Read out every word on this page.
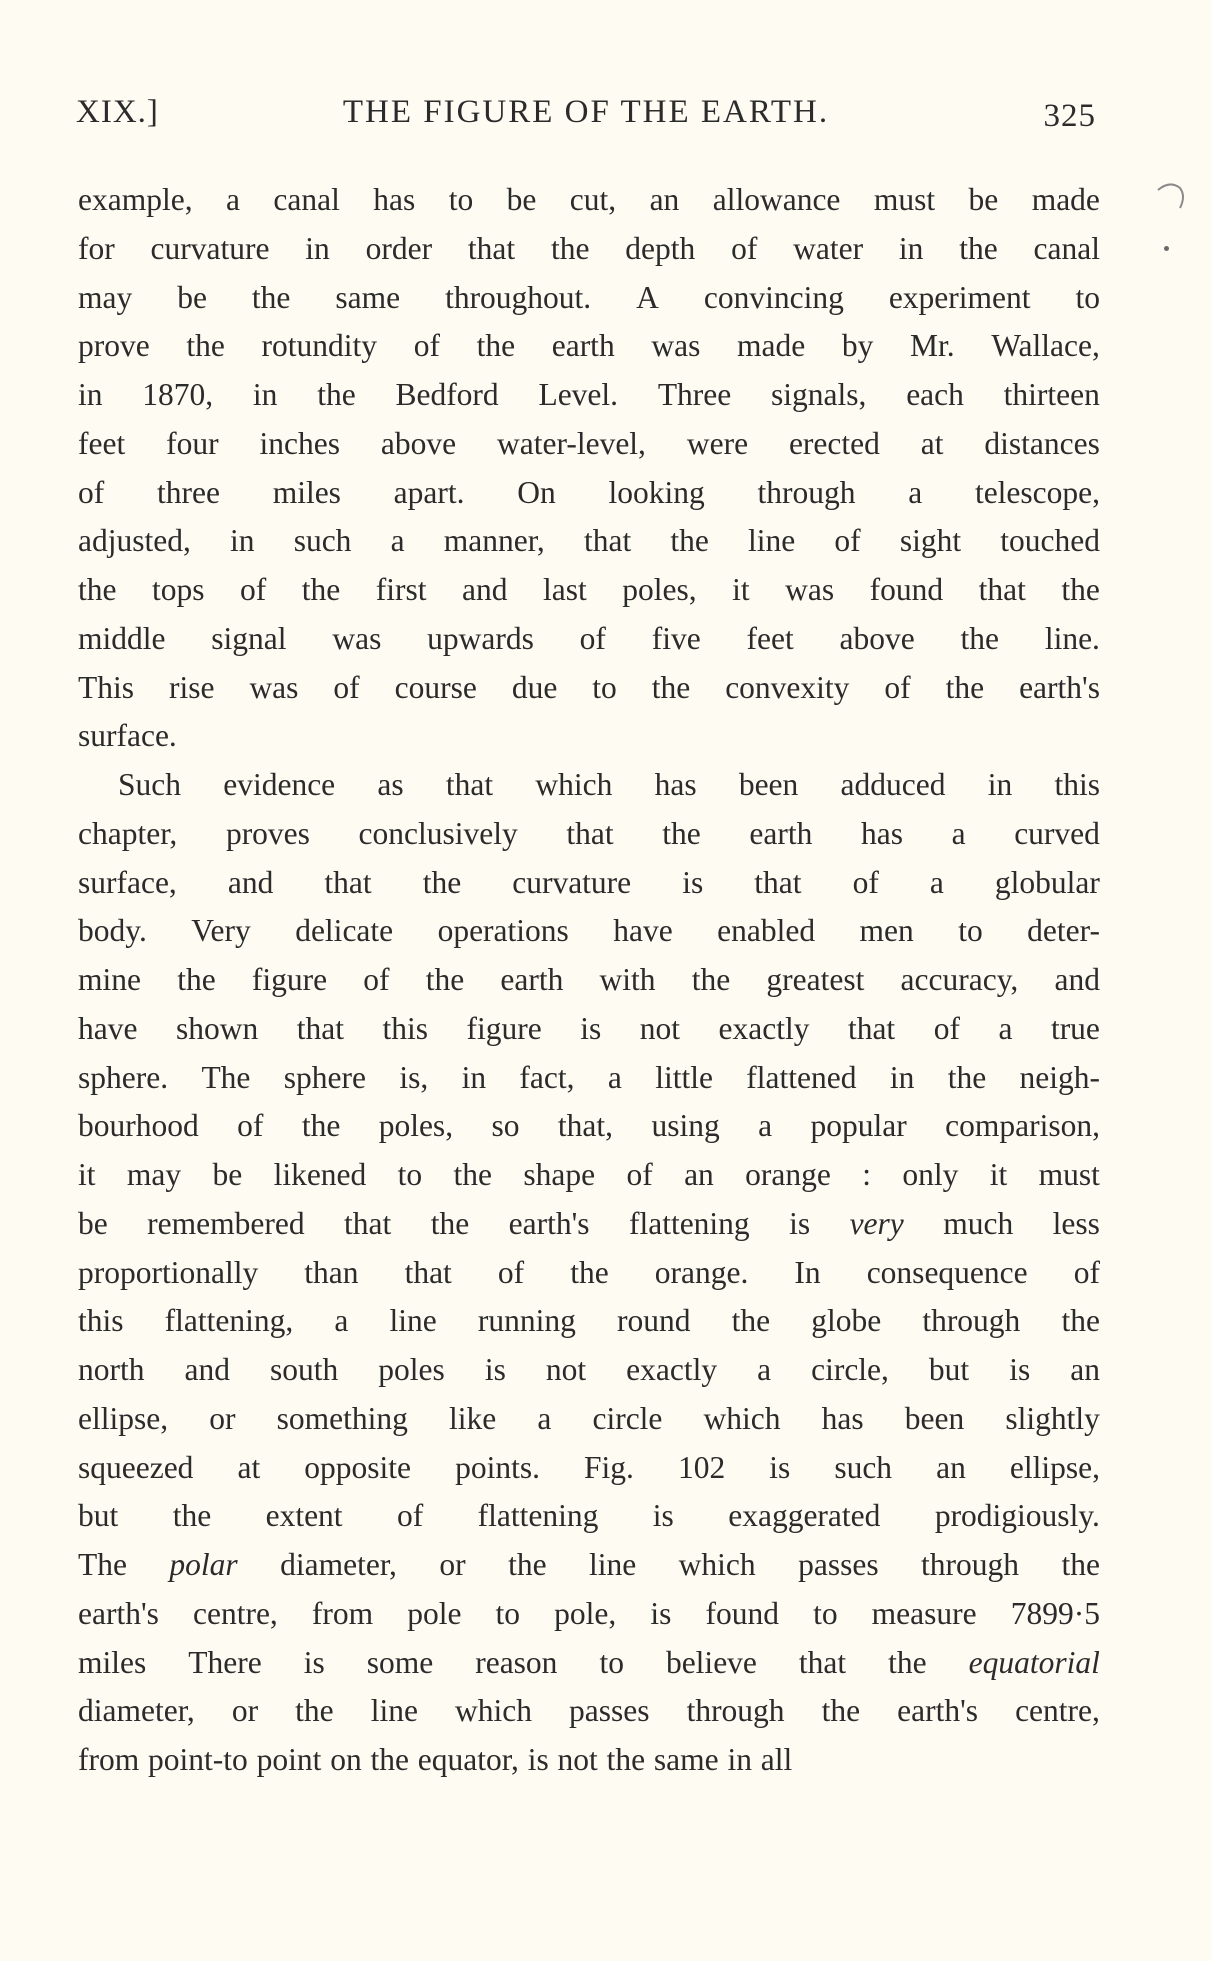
XIX.]	THE FIGURE OF THE EARTH.	325
example, a canal has to be cut, an allowance must be made
for curvature in order that the depth of water in the canal
may be the same throughout. A convincing experiment to
prove the rotundity of the earth was made by Mr. Wallace,
in 1870, in the Bedford Level. Three signals, each thirteen
feet four inches above water-level, were erected at distances
of three miles apart. On looking through a telescope,
adjusted, in such a manner, that the line of sight touched
the tops of the first and last poles, it was found that the
middle signal was upwards of five feet above the line.
This rise was of course due to the convexity of the earth's
surface.
Such evidence as that which has been adduced in this
chapter, proves conclusively that the earth has a curved
surface, and that the curvature is that of a globular
body. Very delicate operations have enabled men to deter-
mine the figure of the earth with the greatest accuracy, and
have shown that this figure is not exactly that of a true
sphere. The sphere is, in fact, a little flattened in the neigh-
bourhood of the poles, so that, using a popular comparison,
it may be likened to the shape of an orange : only it must
be remembered that the earth's flattening is very much less
proportionally than that of the orange. In consequence of
this flattening, a line running round the globe through the
north and south poles is not exactly a circle, but is an
ellipse, or something like a circle which has been slightly
squeezed at opposite points. Fig. 102 is such an ellipse,
but the extent of flattening is exaggerated prodigiously.
The polar diameter, or the line which passes through the
earth's centre, from pole to pole, is found to measure 7899·5
miles There is some reason to believe that the equatorial
diameter, or the line which passes through the earth's centre,
from point-to point on the equator, is not the same in all
